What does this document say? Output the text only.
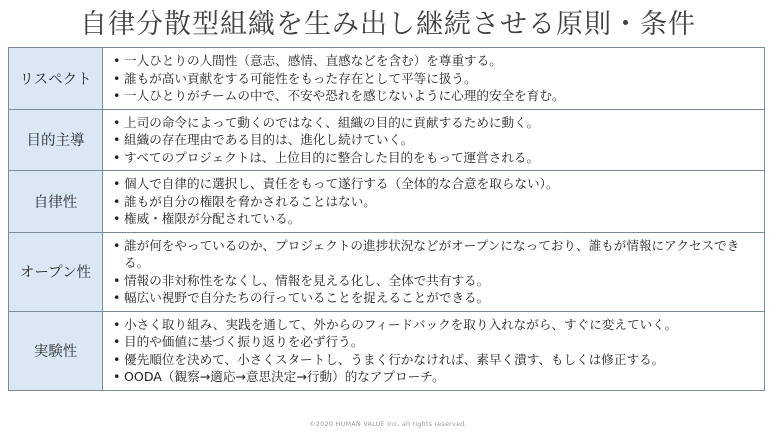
自律分散型組織を生み出し継続させる原則・条件
リスペクト
• 一人ひとりの人間性（意志、感情、直感などを含む）を尊重する。
• 誰もが高い貢献をする可能性をもった存在として平等に扱う。
• 一人ひとりがチームの中で、不安や恐れを感じないように心理的安全を育む。
目的主導
• 上司の命令によって動くのではなく、組織の目的に貢献するために動く。
• 組織の存在理由である目的は、進化し続けていく。
• すべてのプロジェクトは、上位目的に整合した目的をもって運営される。
自律性
• 個人で自律的に選択し、責任をもって遂行する（全体的な合意を取らない）。
• 誰もが自分の権限を脅かされることはない。
• 権威・権限が分配されている。
オープン性
• 誰が何をやっているのか、プロジェクトの進捗状況などがオープンになっており、誰もが情報にアクセスできる。
• 情報の非対称性をなくし、情報を見える化し、全体で共有する。
• 幅広い視野で自分たちの行っていることを捉えることができる。
実験性
• 小さく取り組み、実践を通して、外からのフィードバックを取り入れながら、すぐに変えていく。
• 目的や価値に基づく振り返りを必ず行う。
• 優先順位を決めて、小さくスタートし、うまく行かなければ、素早く潰す、もしくは修正する。
• OODA（観察→適応→意思決定→行動）的なアプローチ。
©2020 HUMAN VALUE Inc. all rights reserved.
